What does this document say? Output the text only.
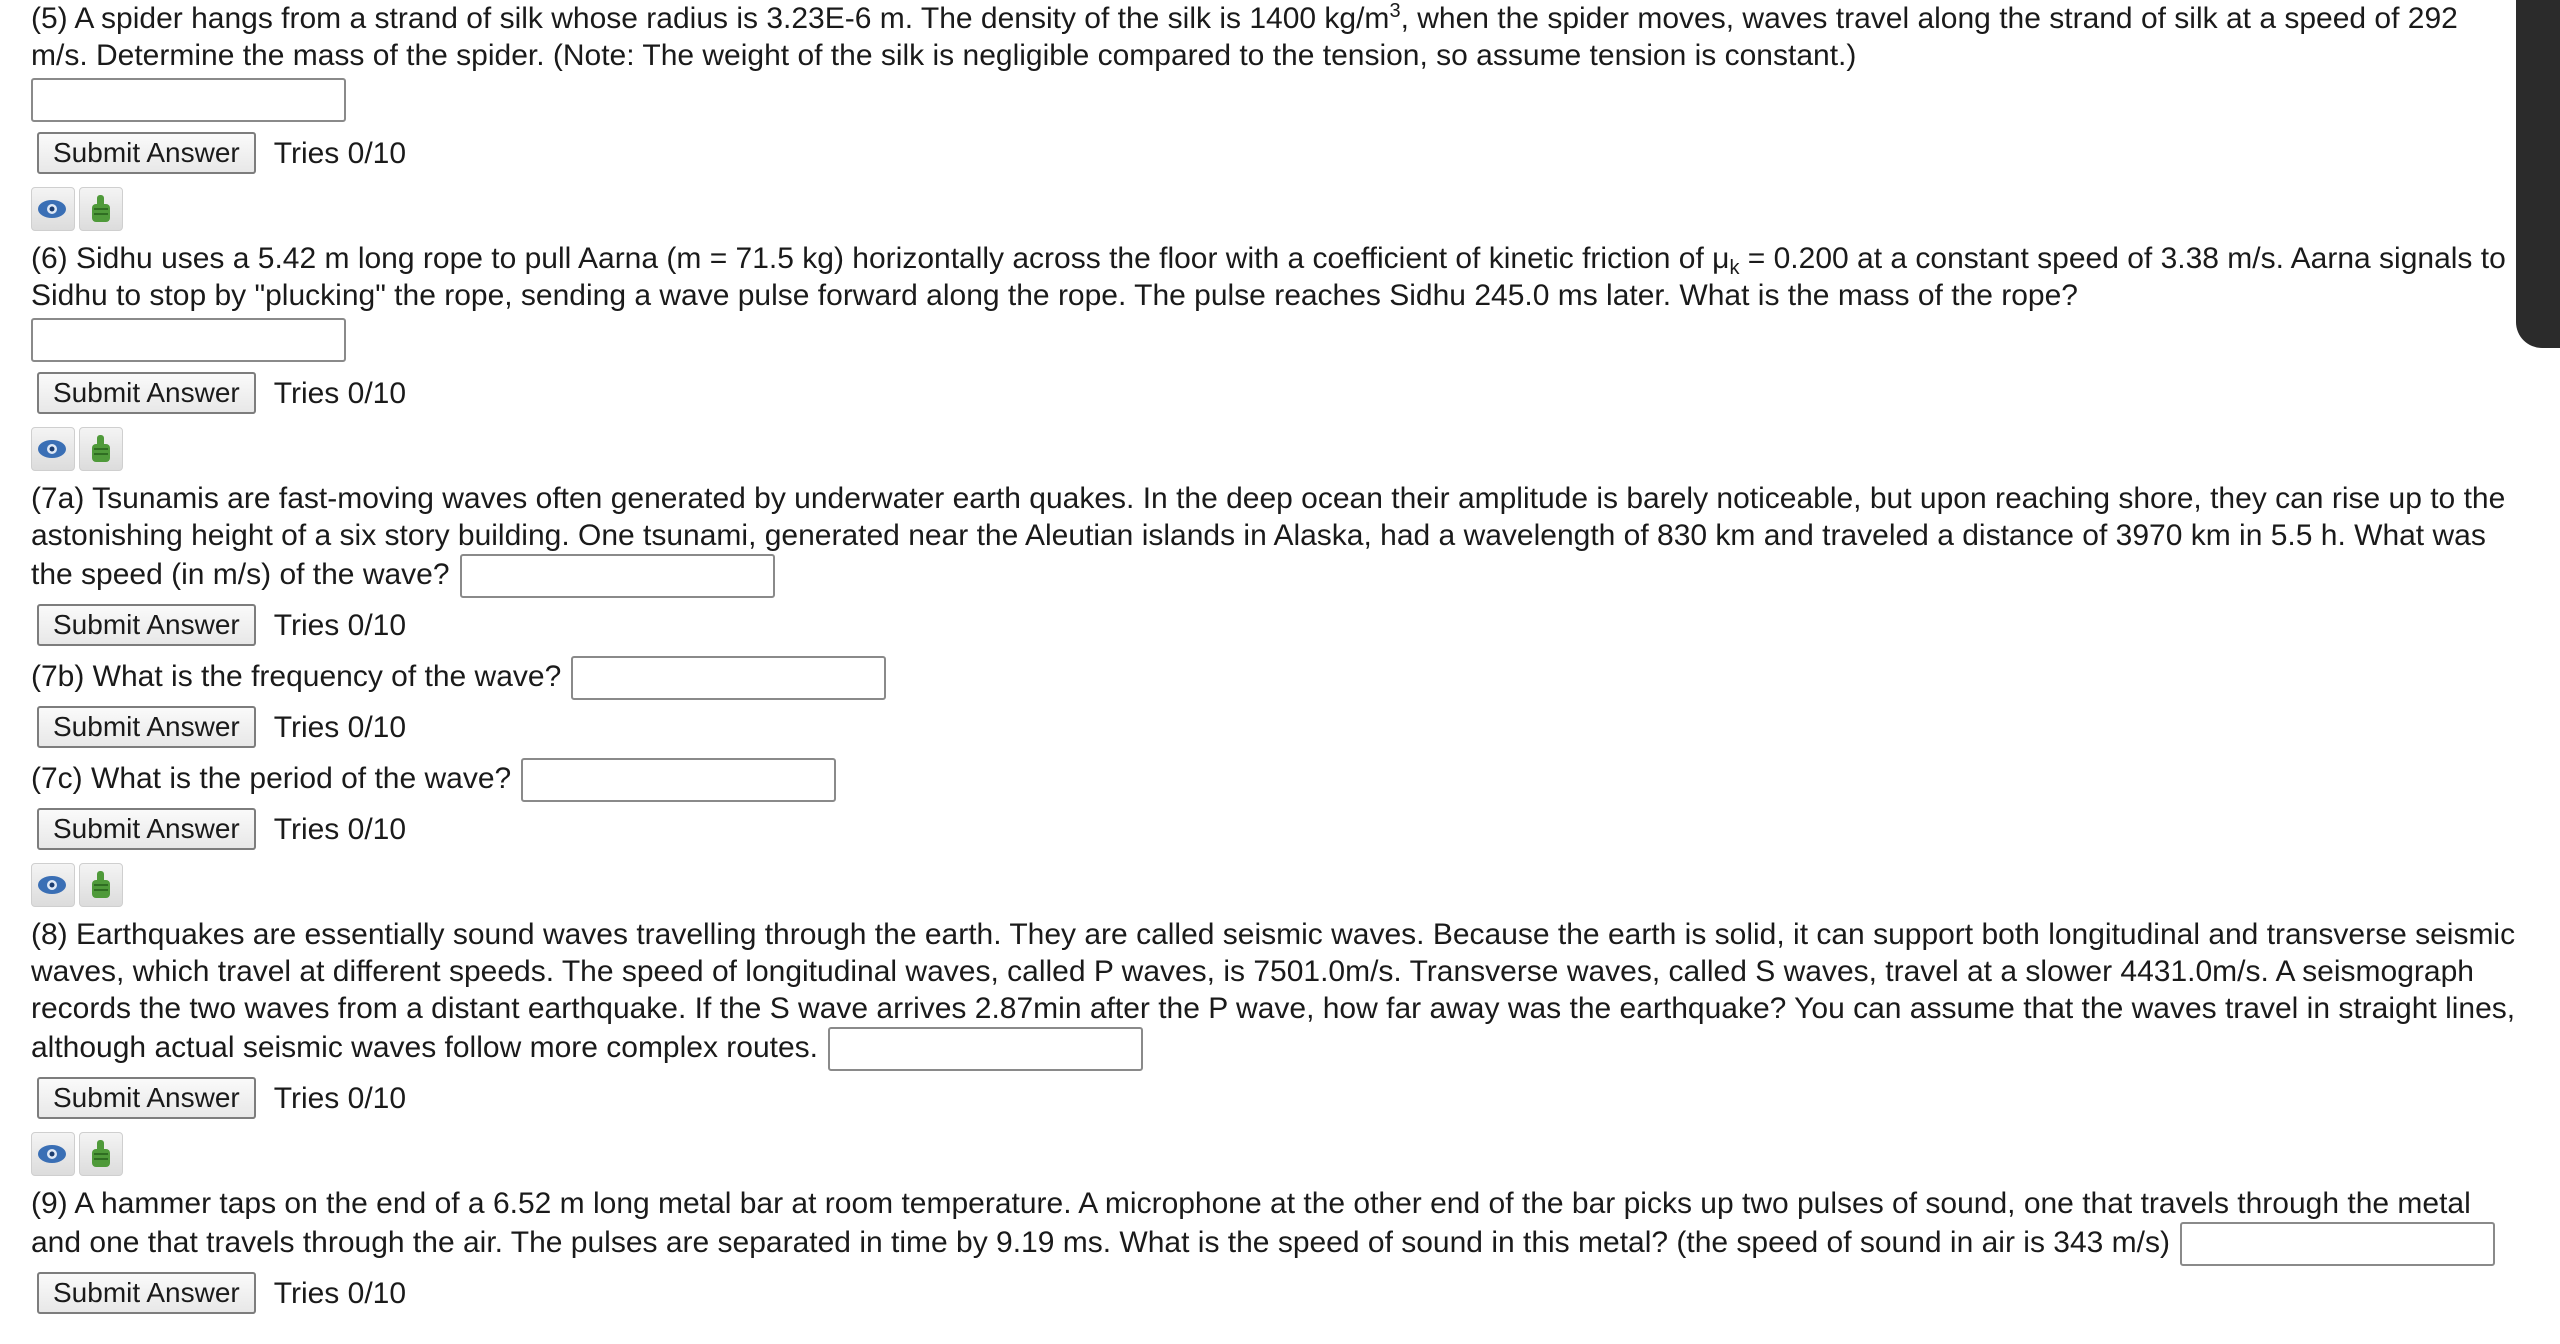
(5) A spider hangs from a strand of silk whose radius is 3.23E-6 m. The density of the silk is 1400 $kg/m^3$, when the spider moves, waves travel along the strand of silk at a speed of 292 m/s. Determine the mass of the spider. (Note: The weight of the silk is negligible compared to the tension, so assume tension is constant.)

Submit Answer	Tries 0/10

(6) Sidhu uses a 5.42 m long rope to pull Aarna (m = 71.5 kg) horizontally across the floor with a coefficient of kinetic friction of $\mu_k = 0.200$ at a constant speed of 3.38 m/s. Aarna signals to Sidhu to stop by "plucking" the rope, sending a wave pulse forward along the rope. The pulse reaches Sidhu 245.0 ms later. What is the mass of the rope?

Submit Answer	Tries 0/10

(7a) Tsunamis are fast-moving waves often generated by underwater earth quakes. In the deep ocean their amplitude is barely noticeable, but upon reaching shore, they can rise up to the astonishing height of a six story building. One tsunami, generated near the Aleutian islands in Alaska, had a wavelength of 830 km and traveled a distance of 3970 km in 5.5 h. What was the speed (in m/s) of the wave?

Submit Answer	Tries 0/10

(7b) What is the frequency of the wave?

Submit Answer	Tries 0/10

(7c) What is the period of the wave?

Submit Answer	Tries 0/10

(8) Earthquakes are essentially sound waves travelling through the earth. They are called seismic waves. Because the earth is solid, it can support both longitudinal and transverse seismic waves, which travel at different speeds. The speed of longitudinal waves, called P waves, is 7501.0m/s. Transverse waves, called S waves, travel at a slower 4431.0m/s. A seismograph records the two waves from a distant earthquake. If the S wave arrives 2.87min after the P wave, how far away was the earthquake? You can assume that the waves travel in straight lines, although actual seismic waves follow more complex routes.

Submit Answer	Tries 0/10

(9) A hammer taps on the end of a 6.52 m long metal bar at room temperature. A microphone at the other end of the bar picks up two pulses of sound, one that travels through the metal and one that travels through the air. The pulses are separated in time by 9.19 ms. What is the speed of sound in this metal? (the speed of sound in air is 343 m/s)

Submit Answer	Tries 0/10
